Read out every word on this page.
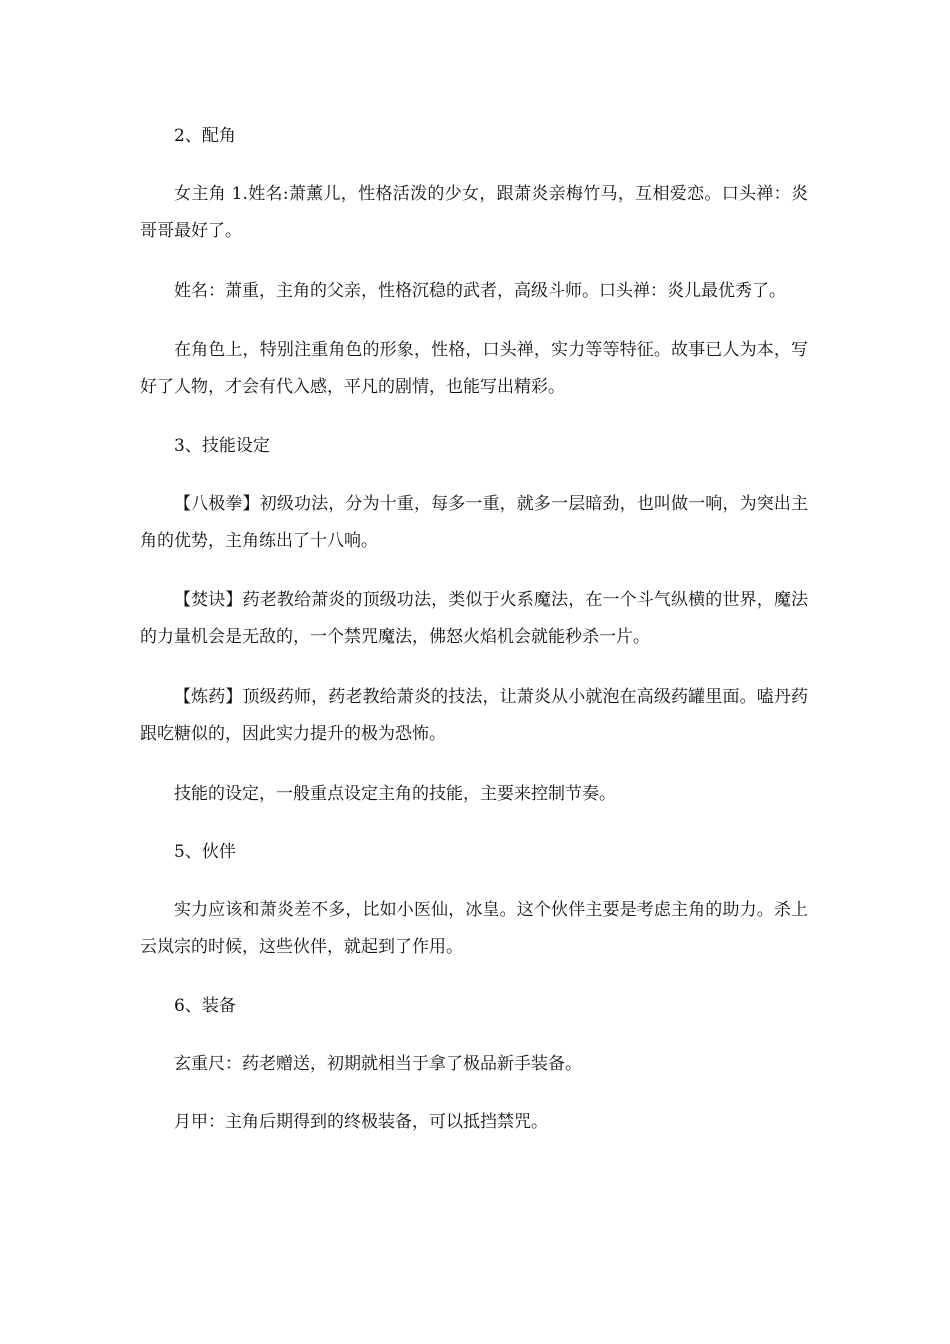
2、配角

女主角 1.姓名:萧薰儿，性格活泼的少女，跟萧炎亲梅竹马，互相爱恋。口头禅：炎哥哥最好了。

姓名：萧重，主角的父亲，性格沉稳的武者，高级斗师。口头禅：炎儿最优秀了。

在角色上，特别注重角色的形象，性格，口头禅，实力等等特征。故事已人为本，写好了人物，才会有代入感，平凡的剧情，也能写出精彩。

3、技能设定

【八极拳】初级功法，分为十重，每多一重，就多一层暗劲，也叫做一响，为突出主角的优势，主角练出了十八响。

【焚诀】药老教给萧炎的顶级功法，类似于火系魔法，在一个斗气纵横的世界，魔法的力量机会是无敌的，一个禁咒魔法，佛怒火焰机会就能秒杀一片。

【炼药】顶级药师，药老教给萧炎的技法，让萧炎从小就泡在高级药罐里面。嗑丹药跟吃糖似的，因此实力提升的极为恐怖。

技能的设定，一般重点设定主角的技能，主要来控制节奏。

5、伙伴

实力应该和萧炎差不多，比如小医仙，冰皇。这个伙伴主要是考虑主角的助力。杀上云岚宗的时候，这些伙伴，就起到了作用。

6、装备

玄重尺：药老赠送，初期就相当于拿了极品新手装备。

月甲：主角后期得到的终极装备，可以抵挡禁咒。
